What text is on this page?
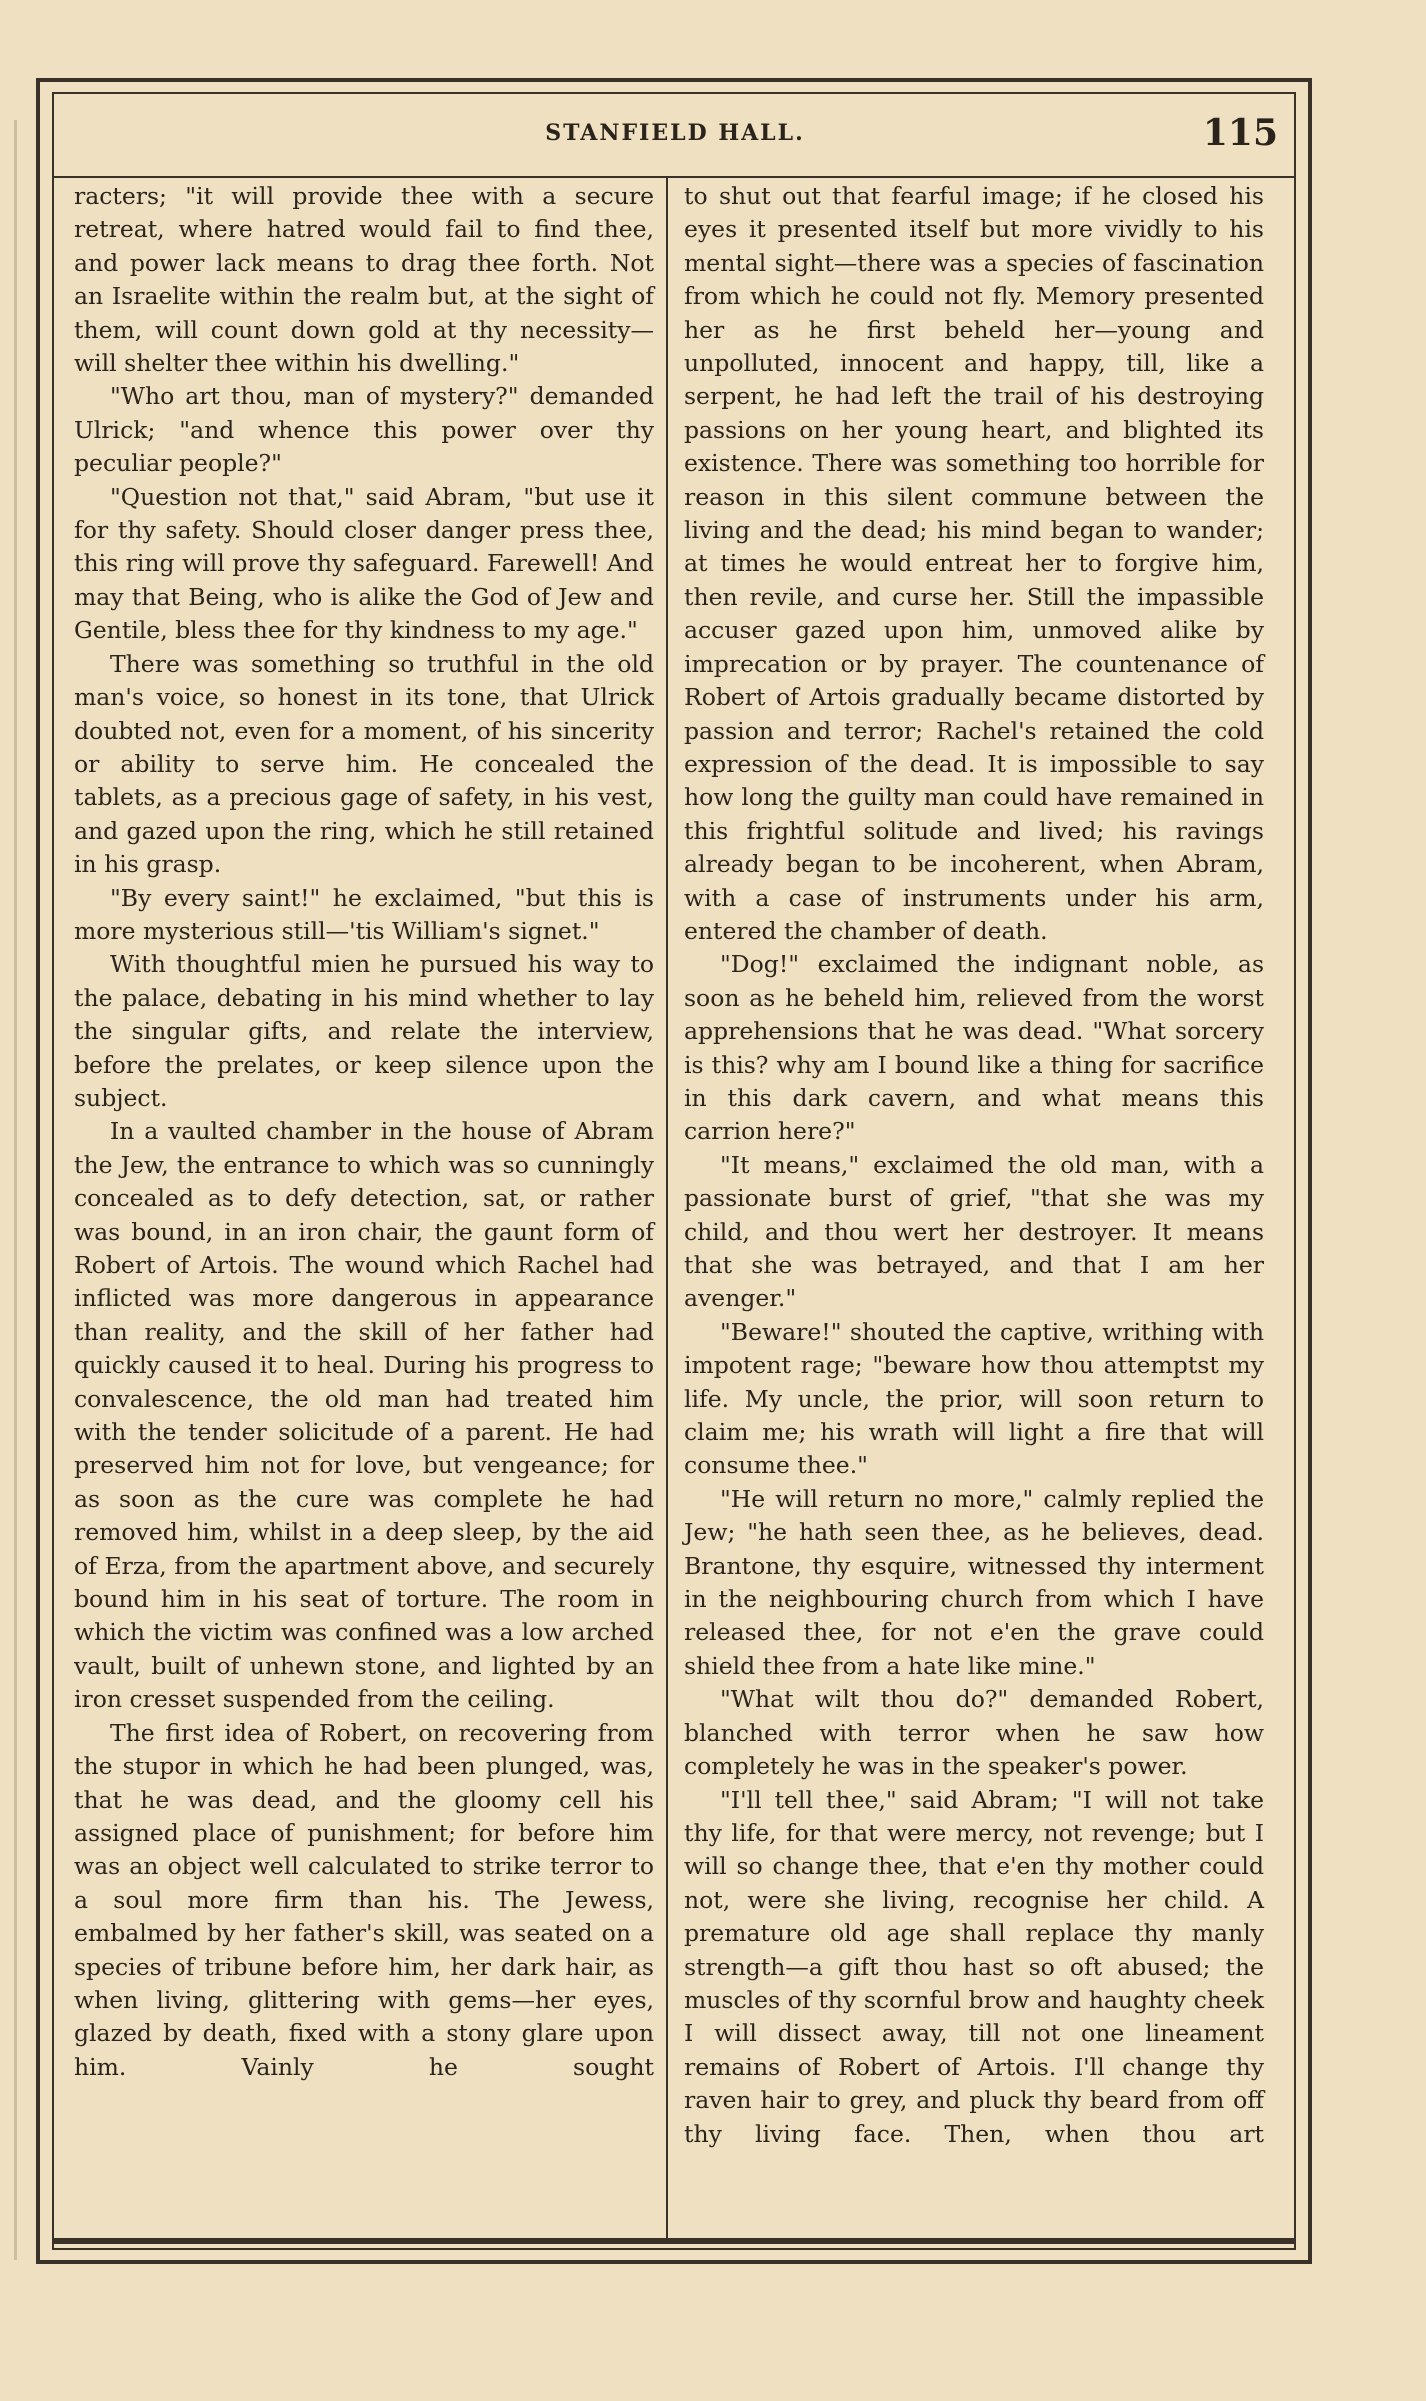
STANFIELD HALL.	115

racters; "it will provide thee with a secure retreat, where hatred would fail to find thee, and power lack means to drag thee forth. Not an Israelite within the realm but, at the sight of them, will count down gold at thy necessity—will shelter thee within his dwelling."

"Who art thou, man of mystery?" demanded Ulrick; "and whence this power over thy peculiar people?"

"Question not that," said Abram, "but use it for thy safety. Should closer danger press thee, this ring will prove thy safeguard. Farewell! And may that Being, who is alike the God of Jew and Gentile, bless thee for thy kindness to my age."

There was something so truthful in the old man's voice, so honest in its tone, that Ulrick doubted not, even for a moment, of his sincerity or ability to serve him. He concealed the tablets, as a precious gage of safety, in his vest, and gazed upon the ring, which he still retained in his grasp.

"By every saint!" he exclaimed, "but this is more mysterious still—'tis William's signet."

With thoughtful mien he pursued his way to the palace, debating in his mind whether to lay the singular gifts, and relate the interview, before the prelates, or keep silence upon the subject.

In a vaulted chamber in the house of Abram the Jew, the entrance to which was so cunningly concealed as to defy detection, sat, or rather was bound, in an iron chair, the gaunt form of Robert of Artois. The wound which Rachel had inflicted was more dangerous in appearance than reality, and the skill of her father had quickly caused it to heal. During his progress to convalescence, the old man had treated him with the tender solicitude of a parent. He had preserved him not for love, but vengeance; for as soon as the cure was complete he had removed him, whilst in a deep sleep, by the aid of Erza, from the apartment above, and securely bound him in his seat of torture. The room in which the victim was confined was a low arched vault, built of unhewn stone, and lighted by an iron cresset suspended from the ceiling.

The first idea of Robert, on recovering from the stupor in which he had been plunged, was, that he was dead, and the gloomy cell his assigned place of punishment; for before him was an object well calculated to strike terror to a soul more firm than his. The Jewess, embalmed by her father's skill, was seated on a species of tribune before him, her dark hair, as when living, glittering with gems—her eyes, glazed by death, fixed with a stony glare upon him. Vainly he sought

to shut out that fearful image; if he closed his eyes it presented itself but more vividly to his mental sight—there was a species of fascination from which he could not fly. Memory presented her as he first beheld her—young and unpolluted, innocent and happy, till, like a serpent, he had left the trail of his destroying passions on her young heart, and blighted its existence. There was something too horrible for reason in this silent commune between the living and the dead; his mind began to wander; at times he would entreat her to forgive him, then revile, and curse her. Still the impassible accuser gazed upon him, unmoved alike by imprecation or by prayer. The countenance of Robert of Artois gradually became distorted by passion and terror; Rachel's retained the cold expression of the dead. It is impossible to say how long the guilty man could have remained in this frightful solitude and lived; his ravings already began to be incoherent, when Abram, with a case of instruments under his arm, entered the chamber of death.

"Dog!" exclaimed the indignant noble, as soon as he beheld him, relieved from the worst apprehensions that he was dead. "What sorcery is this? why am I bound like a thing for sacrifice in this dark cavern, and what means this carrion here?"

"It means," exclaimed the old man, with a passionate burst of grief, "that she was my child, and thou wert her destroyer. It means that she was betrayed, and that I am her avenger."

"Beware!" shouted the captive, writhing with impotent rage; "beware how thou attemptst my life. My uncle, the prior, will soon return to claim me; his wrath will light a fire that will consume thee."

"He will return no more," calmly replied the Jew; "he hath seen thee, as he believes, dead. Brantone, thy esquire, witnessed thy interment in the neighbouring church from which I have released thee, for not e'en the grave could shield thee from a hate like mine."

"What wilt thou do?" demanded Robert, blanched with terror when he saw how completely he was in the speaker's power.

"I'll tell thee," said Abram; "I will not take thy life, for that were mercy, not revenge; but I will so change thee, that e'en thy mother could not, were she living, recognise her child. A premature old age shall replace thy manly strength—a gift thou hast so oft abused; the muscles of thy scornful brow and haughty cheek I will dissect away, till not one lineament remains of Robert of Artois. I'll change thy raven hair to grey, and pluck thy beard from off thy living face. Then, when thou art
